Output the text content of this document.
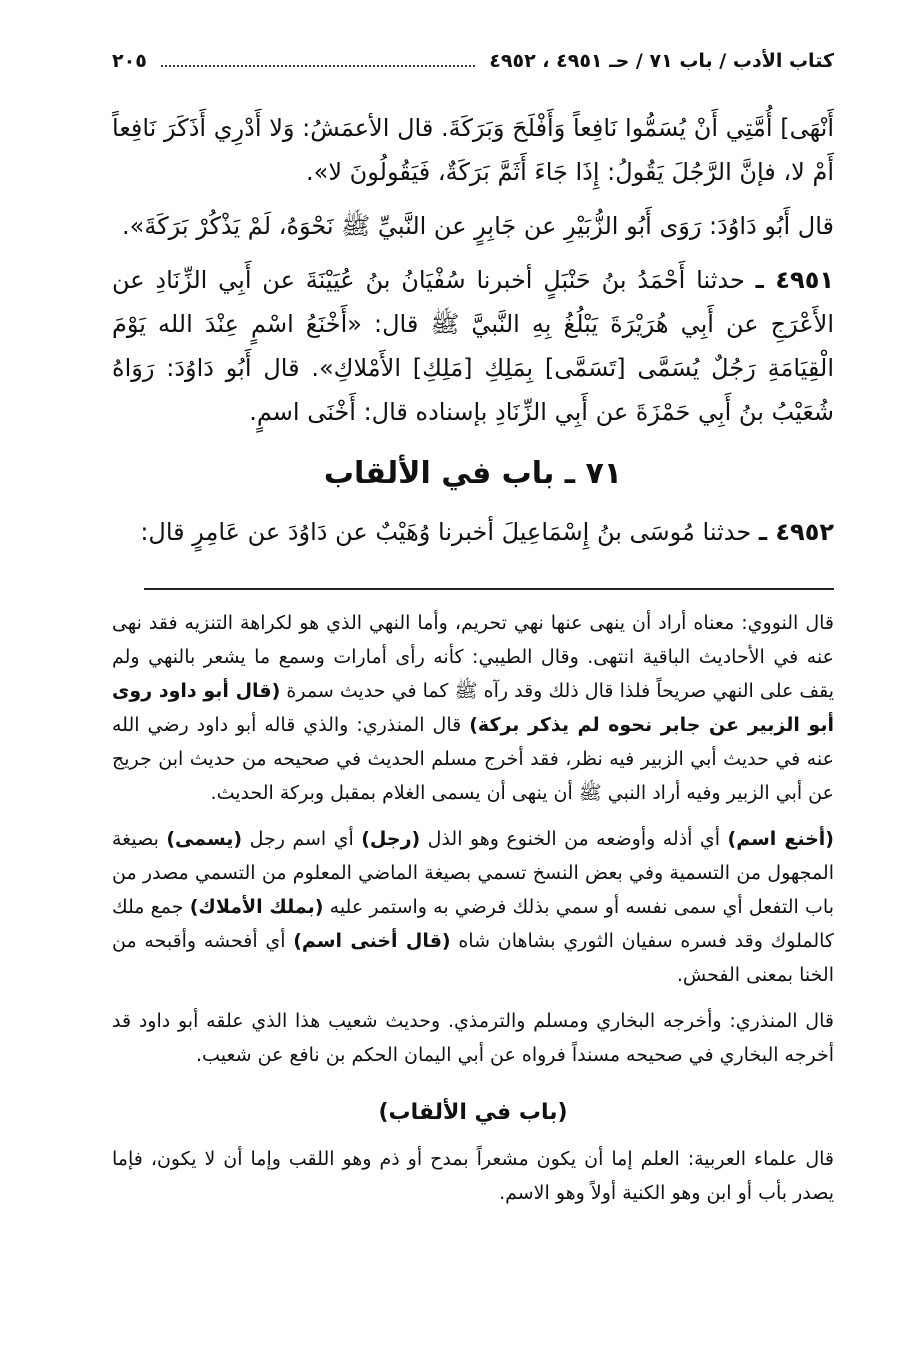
كتاب الأدب / باب ٧١ / حـ ٤٩٥١ ، ٤٩٥٢
٢٠٥

أَنْهَى] أُمَّتِي أَنْ يُسَمُّوا نَافِعاً وَأَفْلَحَ وَبَرَكَةَ. قال الأعمَشُ: وَلا أَدْرِي أَذَكَرَ نَافِعاً أَمْ لا، فإنَّ الرَّجُلَ يَقُولُ: إِذَا جَاءَ أَثَمَّ بَرَكَةٌ، فَيَقُولُونَ لا».

قال أَبُو دَاوُدَ: رَوَى أَبُو الزُّبَيْرِ عن جَابِرٍ عن النَّبيِّ ﷺ نَحْوَهُ، لَمْ يَذْكُرْ بَرَكَةَ».

٤٩٥١ ـ حدثنا أَحْمَدُ بنُ حَنْبَلٍ أخبرنا سُفْيَانُ بنُ عُيَيْنَةَ عن أَبِي الزِّنَادِ عن الأَعْرَجِ عن أَبِي هُرَيْرَةَ يَبْلُغُ بِهِ النَّبيَّ ﷺ قال: «أَخْنَعُ اسْمٍ عِنْدَ الله يَوْمَ الْقِيَامَةِ رَجُلٌ يُسَمَّى [تَسَمَّى] بِمَلِكِ [مَلِكِ] الأَمْلاكِ». قال أَبُو دَاوُدَ: رَوَاهُ شُعَيْبُ بنُ أَبِي حَمْزَةَ عن أَبِي الزِّنَادِ بإسناده قال: أَخْنَى اسمٍ.

٧١ ـ باب في الألقاب

٤٩٥٢ ـ حدثنا مُوسَى بنُ إِسْمَاعِيلَ أخبرنا وُهَيْبٌ عن دَاوُدَ عن عَامِرٍ قال:

قال النووي: معناه أراد أن ينهى عنها نهي تحريم، وأما النهي الذي هو لكراهة التنزيه فقد نهى عنه في الأحاديث الباقية انتهى. وقال الطيبي: كأنه رأى أمارات وسمع ما يشعر بالنهي ولم يقف على النهي صريحاً فلذا قال ذلك وقد رآه ﷺ كما في حديث سمرة (قال أبو داود روى أبو الزبير عن جابر نحوه لم يذكر بركة) قال المنذري: والذي قاله أبو داود رضي الله عنه في حديث أبي الزبير فيه نظر، فقد أخرج مسلم الحديث في صحيحه من حديث ابن جريج عن أبي الزبير وفيه أراد النبي ﷺ أن ينهى أن يسمى الغلام بمقبل وبركة الحديث.

(أخنع اسم) أي أذله وأوضعه من الخنوع وهو الذل (رجل) أي اسم رجل (يسمى) بصيغة المجهول من التسمية وفي بعض النسخ تسمي بصيغة الماضي المعلوم من التسمي مصدر من باب التفعل أي سمى نفسه أو سمي بذلك فرضي به واستمر عليه (بملك الأملاك) جمع ملك كالملوك وقد فسره سفيان الثوري بشاهان شاه (قال أخنى اسم) أي أفحشه وأقبحه من الخنا بمعنى الفحش.

قال المنذري: وأخرجه البخاري ومسلم والترمذي. وحديث شعيب هذا الذي علقه أبو داود قد أخرجه البخاري في صحيحه مسنداً فرواه عن أبي اليمان الحكم بن نافع عن شعيب.

(باب في الألقاب)

قال علماء العربية: العلم إما أن يكون مشعراً بمدح أو ذم وهو اللقب وإما أن لا يكون، فإما يصدر بأب أو ابن وهو الكنية أولاً وهو الاسم.
